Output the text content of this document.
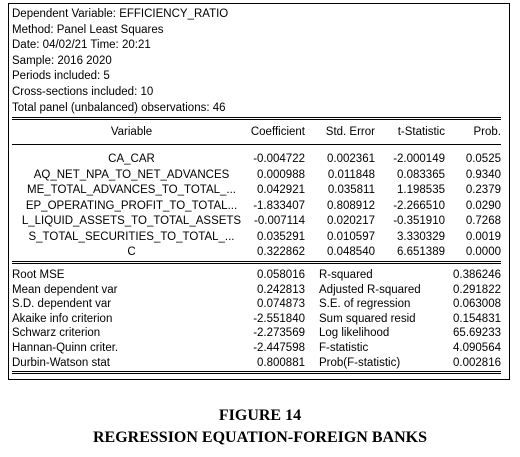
Dependent Variable: EFFICIENCY_RATIO
Method: Panel Least Squares
Date: 04/02/21 Time: 20:21
Sample: 2016 2020
Periods included: 5
Cross-sections included: 10
Total panel (unbalanced) observations: 46
Variable	Coefficient	Std. Error	t-Statistic	Prob.
CA_CAR	-0.004722	0.002361	-2.000149	0.0525
AQ_NET_NPA_TO_NET_ADVANCES	0.000988	0.011848	0.083365	0.9340
ME_TOTAL_ADVANCES_TO_TOTAL_...	0.042921	0.035811	1.198535	0.2379
EP_OPERATING_PROFIT_TO_TOTAL...	-1.833407	0.808912	-2.266510	0.0290
L_LIQUID_ASSETS_TO_TOTAL_ASSETS	-0.007114	0.020217	-0.351910	0.7268
S_TOTAL_SECURITIES_TO_TOTAL_...	0.035291	0.010597	3.330329	0.0019
C	0.322862	0.048540	6.651389	0.0000
Root MSE	0.058016 R-squared	0.386246
Mean dependent var	0.242813 Adjusted R-squared	0.291822
S.D. dependent var	0.074873 S.E. of regression	0.063008
Akaike info criterion	-2.551840 Sum squared resid	0.154831
Schwarz criterion	-2.273569 Log likelihood	65.69233
Hannan-Quinn criter.	-2.447598 F-statistic	4.090564
Durbin-Watson stat	0.800881 Prob(F-statistic)	0.002816
FIGURE 14
REGRESSION EQUATION-FOREIGN BANKS
